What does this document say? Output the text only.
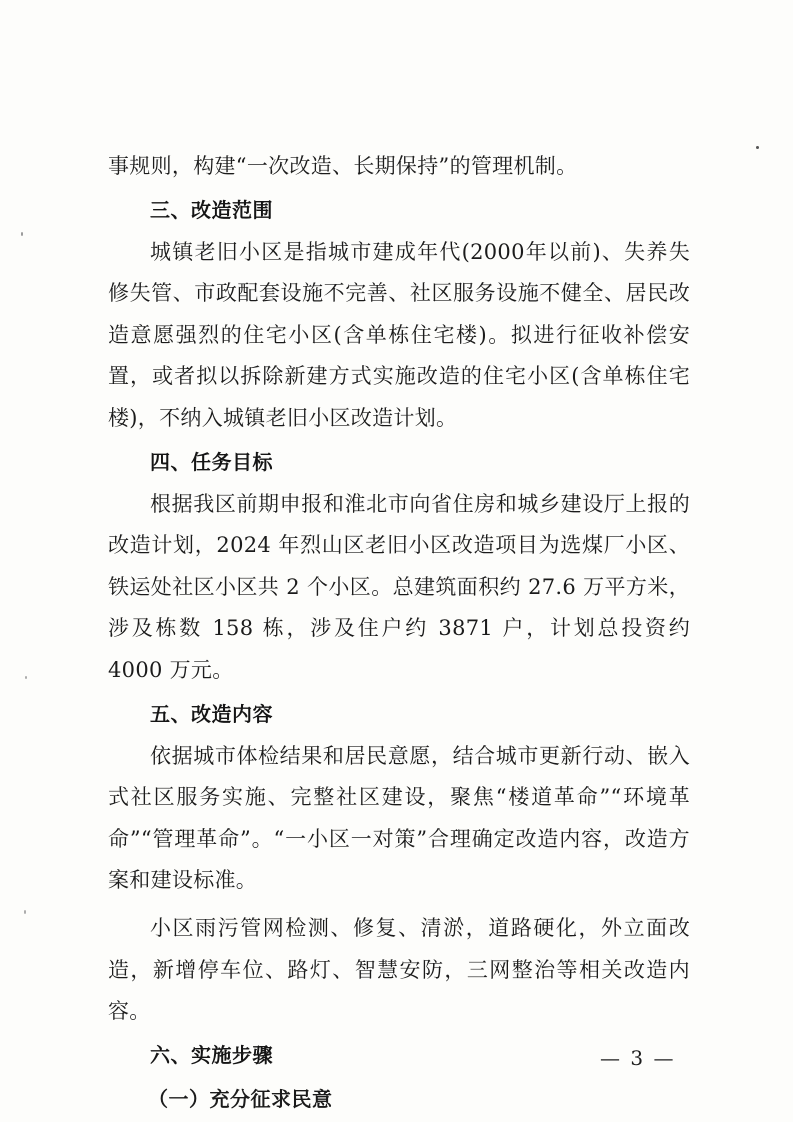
事规则，构建“一次改造、长期保持”的管理机制。

三、改造范围

城镇老旧小区是指城市建成年代(2000年以前)、失养失修失管、市政配套设施不完善、社区服务设施不健全、居民改造意愿强烈的住宅小区(含单栋住宅楼)。拟进行征收补偿安置，或者拟以拆除新建方式实施改造的住宅小区(含单栋住宅楼)，不纳入城镇老旧小区改造计划。

四、任务目标

根据我区前期申报和淮北市向省住房和城乡建设厅上报的改造计划，2024 年烈山区老旧小区改造项目为选煤厂小区、铁运处社区小区共 2 个小区。总建筑面积约 27.6 万平方米，涉及栋数 158 栋，涉及住户约 3871 户，计划总投资约 4000 万元。

五、改造内容

依据城市体检结果和居民意愿，结合城市更新行动、嵌入式社区服务实施、完整社区建设，聚焦“楼道革命”“环境革命”“管理革命”。“一小区一对策”合理确定改造内容，改造方案和建设标准。

小区雨污管网检测、修复、清淤，道路硬化，外立面改造，新增停车位、路灯、智慧安防，三网整治等相关改造内容。

六、实施步骤

（一）充分征求民意

— 3 —
